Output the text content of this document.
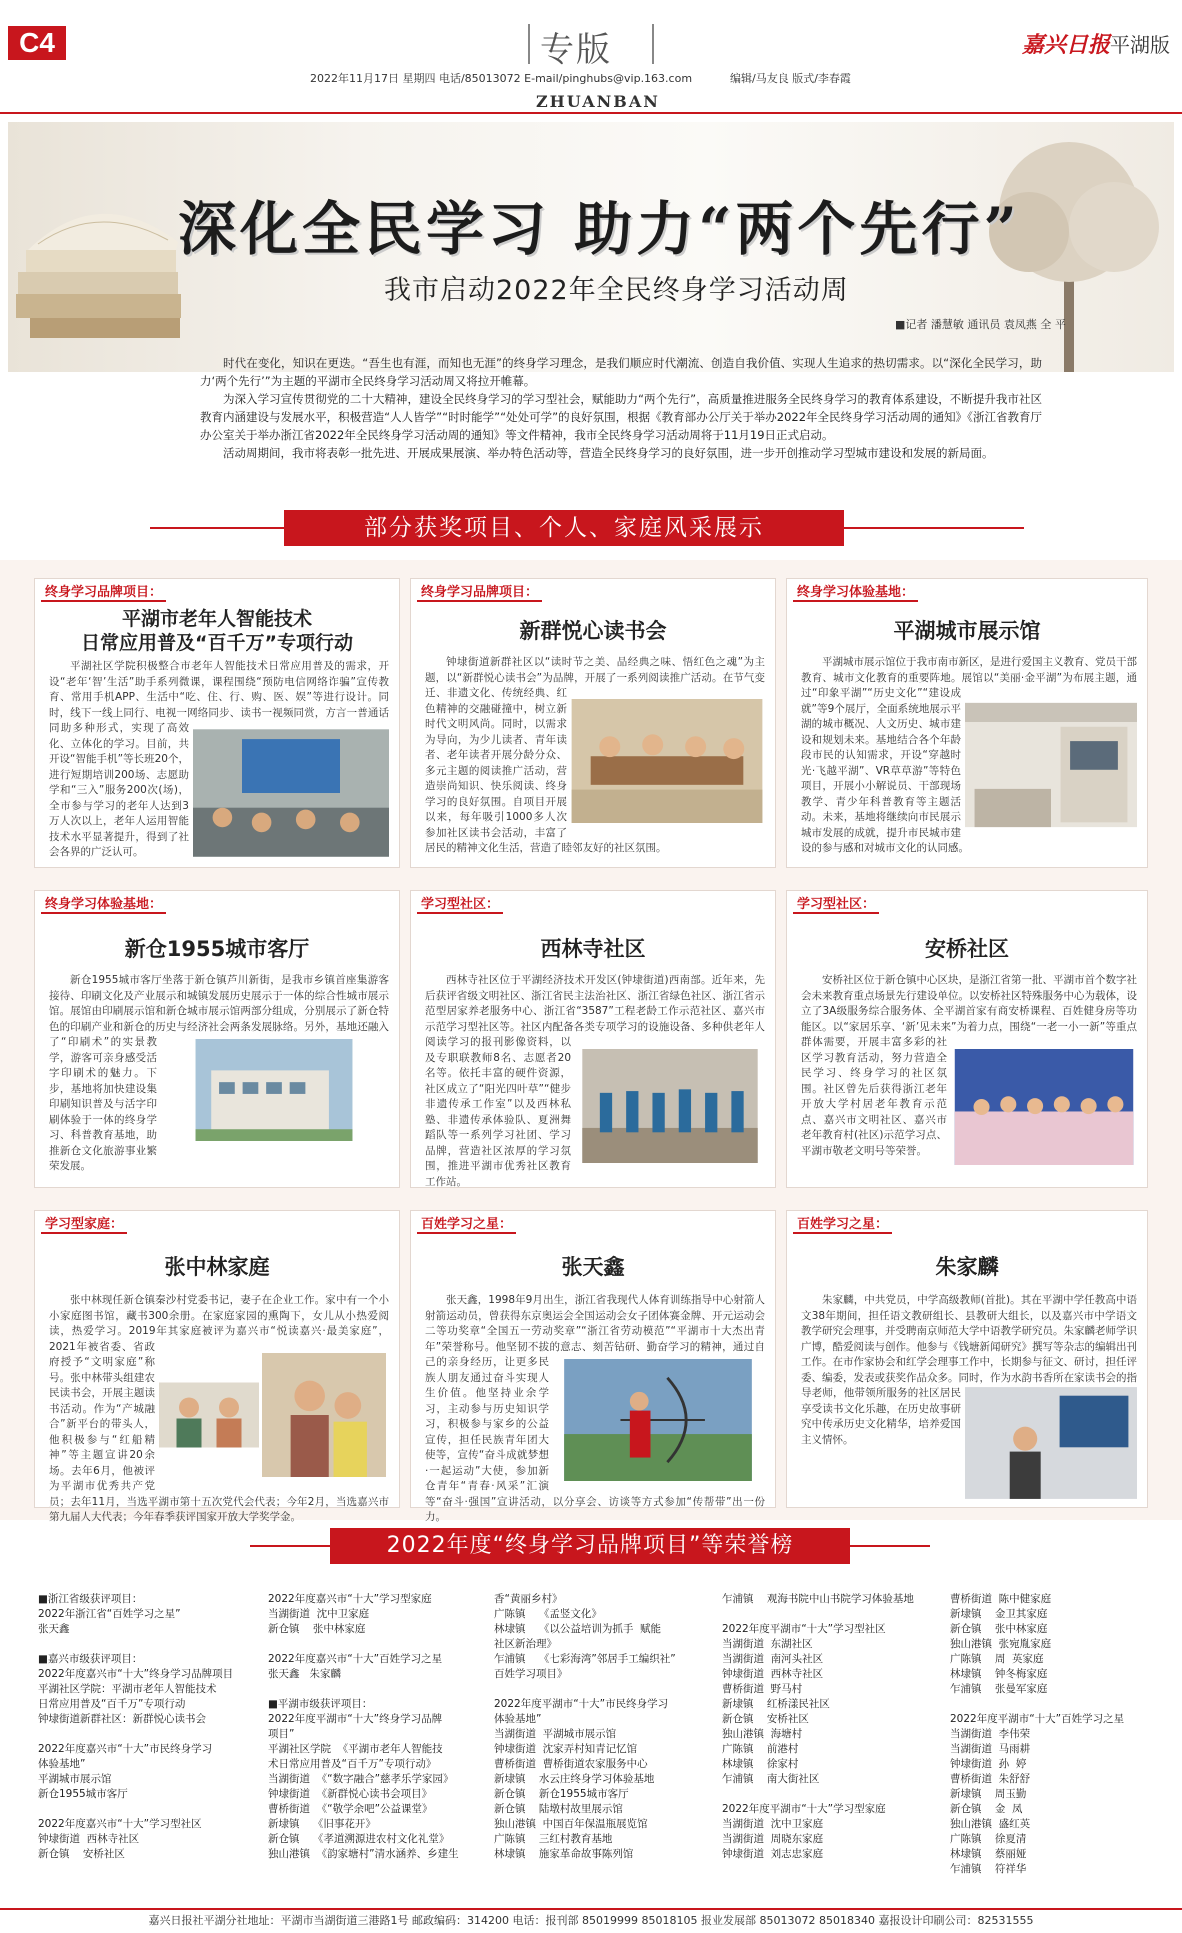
C4	专版
ZHUANBAN
2022年11月17日 星期四 电话/85013072 E-mail/pinghubs@vip.163.com	编辑/马友良 版式/李春霞
嘉兴日报平湖版
深化全民学习 助力“两个先行”
我市启动2022年全民终身学习活动周
■记者 潘慧敏 通讯员 袁凤燕 全 平

时代在变化，知识在更迭。“吾生也有涯，而知也无涯”的终身学习理念，是我们顺应时代潮流、创造自我价值、实现人生追求的热切需求。以“深化全民学习，助力‘两个先行’”为主题的平湖市全民终身学习活动周又将拉开帷幕。

为深入学习宣传贯彻党的二十大精神，建设全民终身学习的学习型社会，赋能助力“两个先行”，高质量推进服务全民终身学习的教育体系建设，不断提升我市社区教育内涵建设与发展水平，积极营造“人人皆学”“时时能学”“处处可学”的良好氛围，根据《教育部办公厅关于举办2022年全民终身学习活动周的通知》《浙江省教育厅办公室关于举办浙江省2022年全民终身学习活动周的通知》等文件精神，我市全民终身学习活动周将于11月19日正式启动。

活动周期间，我市将表彰一批先进、开展成果展演、举办特色活动等，营造全民终身学习的良好氛围，进一步开创推动学习型城市建设和发展的新局面。

部分获奖项目、个人、家庭风采展示
终身学习品牌项目：
平湖市老年人智能技术
日常应用普及“百千万”专项行动

平湖社区学院积极整合市老年人智能技术日常应用普及的需求，开设“老年‘智’生活”助手系列微课，课程围绕“预防电信网络诈骗”宣传教育、常用手机APP、生活中“吃、住、行、购、医、娱”等进行设计。同时，线下一线上同行、电视一网络同步、读书一视频同赏，方言一普通话同助多种形式，实现了高效化、立体化的学习。目前，共开设“智能手机”等长班20个，进行短期培训200场、志愿助学和“三入”服务200次(场)，全市参与学习的老年人达到3万人次以上，老年人运用智能技术水平显著提升，得到了社会各界的广泛认可。

终身学习品牌项目：
新群悦心读书会

钟埭街道新群社区以“读时节之美、品经典之味、悟红色之魂”为主题，以“新群悦心读书会”为品牌，开展了一系列阅读推广活动。在节气变迁、非遗文化、传统经典、红色精神的交融碰撞中，树立新时代文明风尚。同时，以需求为导向，为少儿读者、青年读者、老年读者开展分龄分众、多元主题的阅读推广活动，营造崇尚知识、快乐阅读、终身学习的良好氛围。自项目开展以来，每年吸引1000多人次参加社区读书会活动，丰富了居民的精神文化生活，营造了睦邻友好的社区氛围。

终身学习体验基地：
平湖城市展示馆

平湖城市展示馆位于我市南市新区，是进行爱国主义教育、党员干部教育、城市文化教育的重要阵地。展馆以“美丽·金平湖”为布展主题，通过“印象平湖”“历史文化”“建设成就”等9个展厅，全面系统地展示平湖的城市概况、人文历史、城市建设和规划未来。基地结合各个年龄段市民的认知需求，开设“穿越时光·飞越平湖”、VR草草游”等特色项目，开展小小解说员、干部现场教学、青少年科普教育等主题活动。未来，基地将继续向市民展示城市发展的成就，提升市民城市建设的参与感和对城市文化的认同感。

终身学习体验基地：
新仓1955城市客厅

新仓1955城市客厅坐落于新仓镇芦川新街，是我市乡镇首座集游客接待、印刷文化及产业展示和城镇发展历史展示于一体的综合性城市展示馆。展馆由印刷展示馆和新仓城市展示馆两部分组成，分别展示了新仓特色的印刷产业和新仓的历史与经济社会两条发展脉络。另外，基地还融入了“印刷术”的实景教学，游客可亲身感受活字印刷术的魅力。下步，基地将加快建设集印刷知识普及与活字印刷体验于一体的终身学习、科普教育基地，助推新仓文化旅游事业繁荣发展。

学习型社区：
西林寺社区

西林寺社区位于平湖经济技术开发区(钟埭街道)西南部。近年来，先后获评省级文明社区、浙江省民主法治社区、浙江省绿色社区、浙江省示范型居家养老服务中心、浙江省“3587”工程老龄工作示范社区、嘉兴市示范学习型社区等。社区内配备各类专项学习的设施设备、多种供老年人阅读学习的报刊影像资料，以及专职联教师8名、志愿者20名等。依托丰富的硬件资源，社区成立了“阳光四叶草”“健步非遗传承工作室”以及西林私塾、非遗传承体验队、夏洲舞蹈队等一系列学习社团、学习品牌，营造社区浓厚的学习氛围，推进平湖市优秀社区教育工作站。

学习型社区：
安桥社区

安桥社区位于新仓镇中心区块，是浙江省第一批、平湖市首个数字社会未来教育重点场景先行建设单位。以安桥社区特殊服务中心为载体，设立了3A级服务综合服务体、全平湖首家有商安桥课程、百姓健身房等功能区。以“家居乐享、‘新’见未来”为着力点，围绕“一老一小一新”等重点群体需要，开展丰富多彩的社区学习教育活动，努力营造全民学习、终身学习的社区氛围。社区曾先后获得浙江老年开放大学村居老年教育示范点、嘉兴市文明社区、嘉兴市老年教育村(社区)示范学习点、平湖市敬老文明号等荣誉。

学习型家庭：
张中林家庭

张中林现任新仓镇秦沙村党委书记，妻子在企业工作。家中有一个小小家庭图书馆，藏书300余册。在家庭家园的熏陶下，女儿从小热爱阅读，热爱学习。2019年其家庭被评为嘉兴市“悦读嘉兴·最美家庭”，2021年被省委、省政府授予“文明家庭”称号。张中林带头组建农民读书会，开展主题读书活动。作为“产城融合”新平台的带头人，他积极参与“红船精神”等主题宣讲20余场。去年6月，他被评为平湖市优秀共产党员；去年11月，当选平湖市第十五次党代会代表；今年2月，当选嘉兴市第九届人大代表；今年春季获评国家开放大学奖学金。

百姓学习之星：
张天鑫

张天鑫，1998年9月出生，浙江省我现代人体育训练指导中心射箭人射箭运动员，曾获得东京奥运会全国运动会女子团体赛金牌、开元运动会二等功奖章“全国五一劳动奖章”“浙江省劳动模范”“平湖市十大杰出青年”荣誉称号。他坚韧不拔的意志、刻苦钻研、勤奋学习的精神，通过自己的亲身经历，让更多民族人朋友通过奋斗实现人生价值。他坚持业余学习，主动参与历史知识学习，积极参与家乡的公益宣传，担任民族青年团大使等，宣传“奋斗成就梦想·一起运动”大使，参加新仓青年“青春·风采”汇演等“奋斗·强国”宣讲活动，以分享会、访谈等方式参加“传帮带”出一份力。

百姓学习之星：
朱家麟

朱家麟，中共党员，中学高级教师(首批)。其在平湖中学任教高中语文38年期间，担任语文教研组长、县教研大组长，以及嘉兴市中学语文教学研究会理事，并受聘南京师范大学中语教学研究员。朱家麟老师学识广博，酷爱阅读与创作。他参与《钱塘新闻研究》撰写等杂志的编辑出刊工作。在市作家协会和红学会理事工作中，长期参与征文、研讨，担任评委、编委，发表或获奖作品众多。同时，作为水韵书香所在家读书会的指导老师，他带领所服务的社区居民享受读书文化乐趣，在历史故事研究中传承历史文化精华，培养爱国主义情怀。

2022年度“终身学习品牌项目”等荣誉榜
■浙江省级获评项目：
2022年浙江省“百姓学习之星”
张天鑫

■嘉兴市级获评项目：
2022年度嘉兴市“十大”终身学习品牌项目
平湖社区学院：平湖市老年人智能技术
日常应用普及“百千万”专项行动
钟埭街道新群社区：新群悦心读书会

2022年度嘉兴市“十大”市民终身学习
体验基地”
平湖城市展示馆
新仓1955城市客厅

2022年度嘉兴市“十大”学习型社区
钟埭街道  西林寺社区
新仓镇    安桥社区
2022年度嘉兴市“十大”学习型家庭
当湖街道  沈中卫家庭
新仓镇    张中林家庭

2022年度嘉兴市“十大”百姓学习之星
张天鑫   朱家麟

■平湖市级获评项目：
2022年度平湖市“十大”终身学习品牌
项目”
平湖社区学院  《平湖市老年人智能技
术日常应用普及“百千万”专项行动》
当湖街道  《“数字融合”慈孝乐学家园》
钟埭街道  《新群悦心读书会项目》
曹桥街道  《“敬学余吧”公益课堂》
新埭镇    《旧事花开》
新仓镇    《孝道溯源进农村文化礼堂》
独山港镇  《韵家塘村”清水涵养、乡建生
香“黄丽乡村》
广陈镇    《孟竖文化》
林埭镇    《以公益培训为抓手  赋能
社区新治理》
乍浦镇    《七彩海湾”邻居手工编织社”
百姓学习项目》

2022年度平湖市“十大”市民终身学习
体验基地”
当湖街道  平湖城市展示馆
钟埭街道  沈家弄村知青记忆馆
曹桥街道  曹桥街道农家服务中心
新埭镇    水云庄终身学习体验基地
新仓镇    新仓1955城市客厅
新仓镇    陆墩村故里展示馆
独山港镇  中国百年保温瓶展览馆
广陈镇    三红村教育基地
林埭镇    施家革命故事陈列馆
乍浦镇    观海书院中山书院学习体验基地

2022年度平湖市“十大”学习型社区
当湖街道  东湖社区
当湖街道  南河头社区
钟埭街道  西林寺社区
曹桥街道  野马村
新埭镇    红桥漾民社区
新仓镇    安桥社区
独山港镇  海塘村
广陈镇    前港村
林埭镇    徐家村
乍浦镇    南大街社区

2022年度平湖市“十大”学习型家庭
当湖街道  沈中卫家庭
当湖街道  周晓东家庭
钟埭街道  刘志忠家庭
曹桥街道  陈中健家庭
新埭镇    金卫其家庭
新仓镇    张中林家庭
独山港镇  张宛胤家庭
广陈镇    周  英家庭
林埭镇    钟冬梅家庭
乍浦镇    张曼军家庭

2022年度平湖市“十大”百姓学习之星
当湖街道  李伟荣
当湖街道  马雨耕
钟埭街道  孙  婷
曹桥街道  朱舒舒
新埭镇    周玉勤
新仓镇    金  凤
独山港镇  盛红英
广陈镇    徐夏清
林埭镇    蔡丽娅
乍浦镇    符祥华
嘉兴日报社平湖分社地址：平湖市当湖街道三港路1号 邮政编码：314200 电话：报刊部 85019999 85018105 报业发展部 85013072 85018340 嘉报设计印刷公司：82531555
